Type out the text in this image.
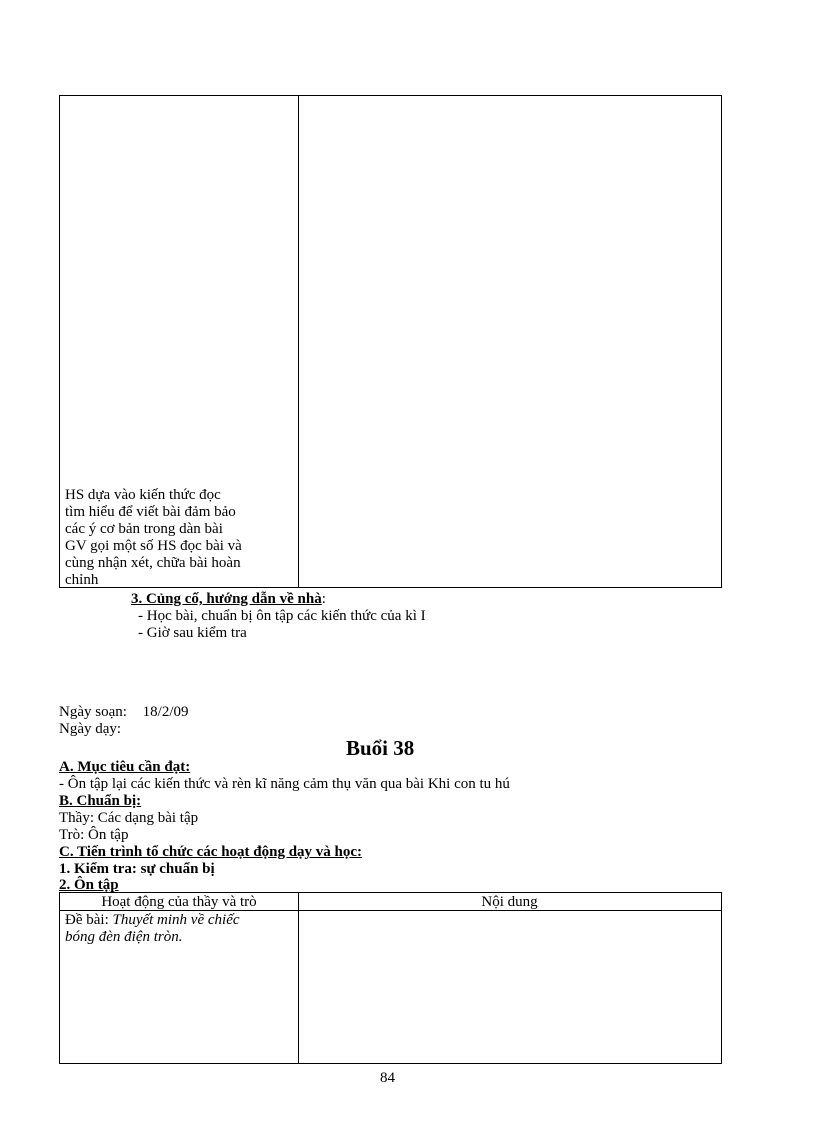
HS dựa vào kiến thức đọc
tìm hiểu để viết bài đảm bảo
các ý cơ bản trong dàn bài
GV gọi một số HS đọc bài và
cùng nhận xét, chữa bài hoàn
chỉnh
3. Củng cố, hướng dẫn về nhà:
- Học bài, chuẩn bị ôn tập các kiến thức của kì I
- Giờ sau kiểm tra
Ngày soạn: 18/2/09
Ngày dạy:
Buổi 38
A. Mục tiêu cần đạt:
- Ôn tập lại các kiến thức và rèn kĩ năng cảm thụ văn qua bài Khi con tu hú
B. Chuẩn bị:
Thầy: Các dạng bài tập
Trò: Ôn tập
C. Tiến trình tổ chức các hoạt động dạy và học:
1. Kiểm tra: sự chuẩn bị
2. Ôn tập
Hoạt động của thầy và trò	Nội dung
Đề bài: Thuyết minh về chiếc
bóng đèn điện tròn.
84
